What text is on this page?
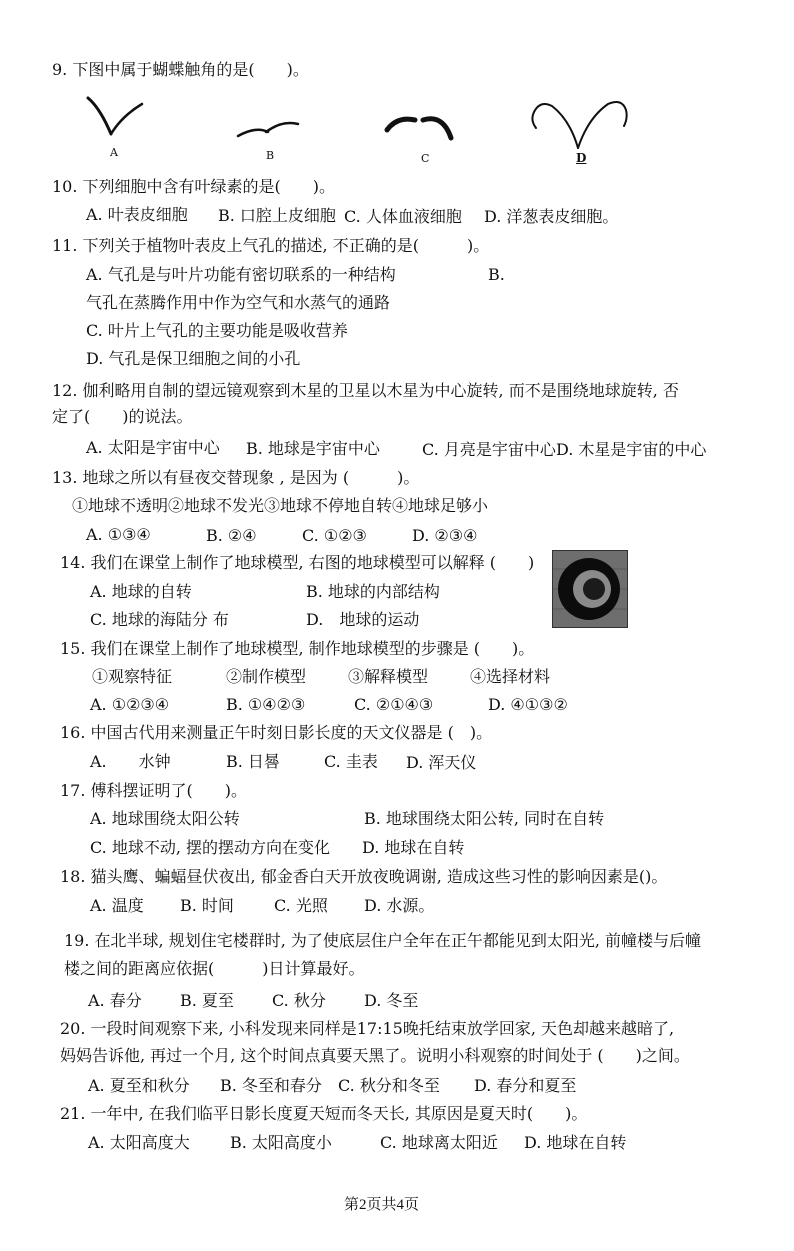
9. 下图中属于蝴蝶触角的是(　　)。
A	B	C	D
10. 下列细胞中含有叶绿素的是(　　)。
A. 叶表皮细胞 B. 口腔上皮细胞 C. 人体血液细胞 D. 洋葱表皮细胞。
11. 下列关于植物叶表皮上气孔的描述, 不正确的是(　　　)。
A. 气孔是与叶片功能有密切联系的一种结构	B.
气孔在蒸腾作用中作为空气和水蒸气的通路
C. 叶片上气孔的主要功能是吸收营养
D. 气孔是保卫细胞之间的小孔
12. 伽利略用自制的望远镜观察到木星的卫星以木星为中心旋转, 而不是围绕地球旋转, 否
定了(　　)的说法。
A. 太阳是宇宙中心 B. 地球是宇宙中心	C. 月亮是宇宙中心 D. 木星是宇宙的中心
13. 地球之所以有昼夜交替现象 , 是因为 (　　　)。
①地球不透明②地球不发光③地球不停地自转④地球足够小
A. ①③④	B. ②④	C. ①②③	D. ②③④
14. 我们在课堂上制作了地球模型, 右图的地球模型可以解释 (　　)
A. 地球的自转	B. 地球的内部结构
C. 地球的海陆分 布	D.　地球的运动
15. 我们在课堂上制作了地球模型, 制作地球模型的步骤是 (　　)。
①观察特征	②制作模型	③解释模型	④选择材料
A. ①②③④	B. ①④②③	C. ②①④③	D. ④①③②
16. 中国古代用来测量正午时刻日影长度的天文仪器是 (　)。
A.　　水钟	B. 日晷	C. 圭表 D. 浑天仪
17. 傅科摆证明了(　　)。
A. 地球围绕太阳公转	B. 地球围绕太阳公转, 同时在自转
C. 地球不动, 摆的摆动方向在变化 D. 地球在自转
18. 猫头鹰、蝙蝠昼伏夜出, 郁金香白天开放夜晚调谢, 造成这些习性的影响因素是()。
A. 温度 B. 时间	C. 光照 D. 水源。
19. 在北半球, 规划住宅楼群时, 为了使底层住户全年在正午都能见到太阳光, 前幢楼与后幢
楼之间的距离应依据(　　　)日计算最好。
A. 春分 B. 夏至 C. 秋分 D. 冬至
20. 一段时间观察下来, 小科发现来同样是17:15晚托结束放学回家, 天色却越来越暗了,
妈妈告诉他, 再过一个月, 这个时间点真要天黑了。说明小科观察的时间处于 (　　)之间。
A. 夏至和秋分 B. 冬至和春分 C. 秋分和冬至 D. 春分和夏至
21. 一年中, 在我们临平日影长度夏天短而冬天长, 其原因是夏天时(　　)。
A. 太阳高度大	B. 太阳高度小	C. 地球离太阳近 D. 地球在自转
第2页共4页
